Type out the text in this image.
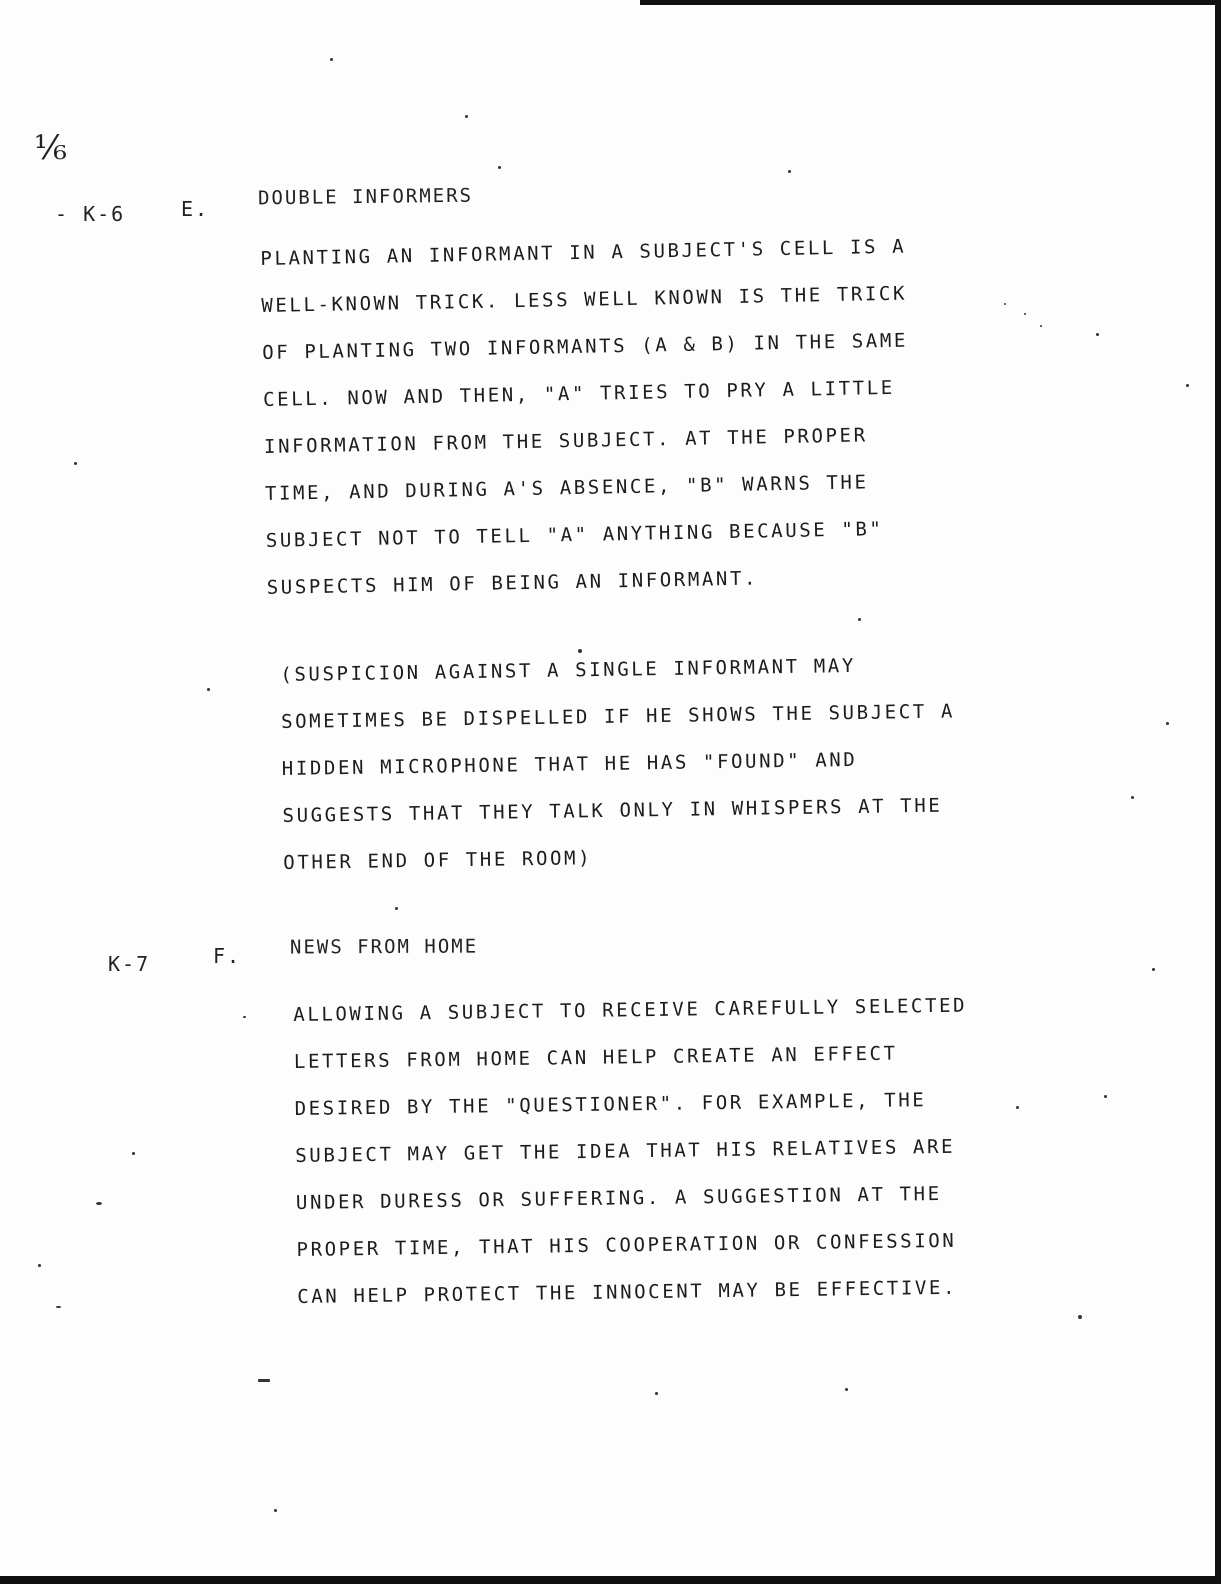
⅙
- K-6	E.	DOUBLE INFORMERS
PLANTING AN INFORMANT IN A SUBJECT'S CELL IS A
WELL-KNOWN TRICK. LESS WELL KNOWN IS THE TRICK
OF PLANTING TWO INFORMANTS (A & B) IN THE SAME
CELL. NOW AND THEN, "A" TRIES TO PRY A LITTLE
INFORMATION FROM THE SUBJECT. AT THE PROPER
TIME, AND DURING A'S ABSENCE, "B" WARNS THE
SUBJECT NOT TO TELL "A" ANYTHING BECAUSE "B"
SUSPECTS HIM OF BEING AN INFORMANT.
(SUSPICION AGAINST A SINGLE INFORMANT MAY
SOMETIMES BE DISPELLED IF HE SHOWS THE SUBJECT A
HIDDEN MICROPHONE THAT HE HAS "FOUND" AND
SUGGESTS THAT THEY TALK ONLY IN WHISPERS AT THE
OTHER END OF THE ROOM)
K-7	F.	NEWS FROM HOME
ALLOWING A SUBJECT TO RECEIVE CAREFULLY SELECTED
LETTERS FROM HOME CAN HELP CREATE AN EFFECT
DESIRED BY THE "QUESTIONER". FOR EXAMPLE, THE
SUBJECT MAY GET THE IDEA THAT HIS RELATIVES ARE
UNDER DURESS OR SUFFERING. A SUGGESTION AT THE
PROPER TIME, THAT HIS COOPERATION OR CONFESSION
CAN HELP PROTECT THE INNOCENT MAY BE EFFECTIVE.
